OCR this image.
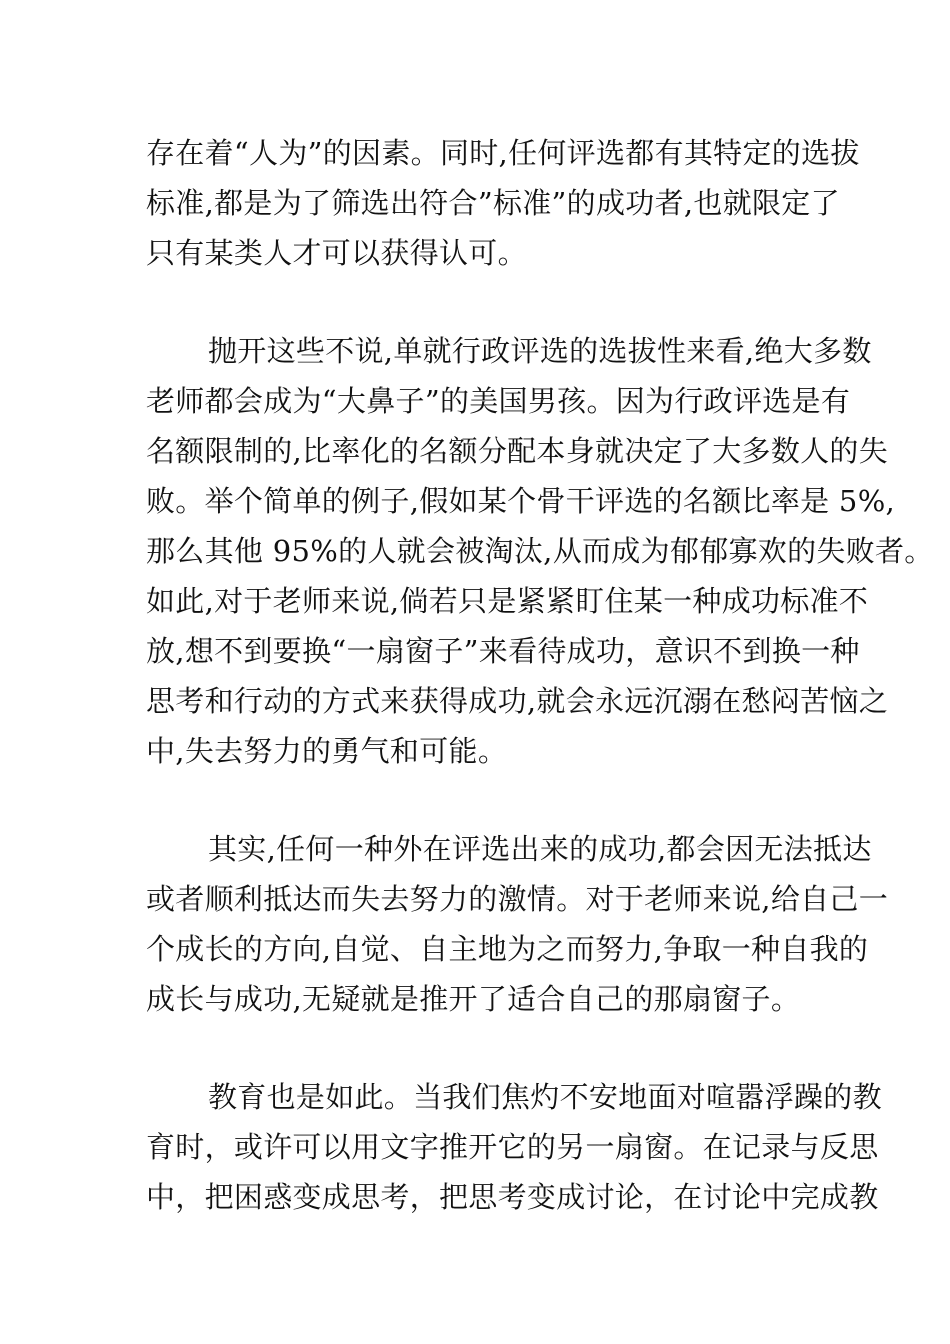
存在着“人为”的因素。同时,任何评选都有其特定的选拔
标准,都是为了筛选出符合”标准”的成功者,也就限定了
只有某类人才可以获得认可。
抛开这些不说,单就行政评选的选拔性来看,绝大多数
老师都会成为“大鼻子”的美国男孩。因为行政评选是有
名额限制的,比率化的名额分配本身就决定了大多数人的失
败。举个简单的例子,假如某个骨干评选的名额比率是 5%,
那么其他 95%的人就会被淘汰,从而成为郁郁寡欢的失败者。
如此,对于老师来说,倘若只是紧紧盯住某一种成功标准不
放,想不到要换“一扇窗子”来看待成功，意识不到换一种
思考和行动的方式来获得成功,就会永远沉溺在愁闷苦恼之
中,失去努力的勇气和可能。
其实,任何一种外在评选出来的成功,都会因无法抵达
或者顺利抵达而失去努力的激情。对于老师来说,给自己一
个成长的方向,自觉、自主地为之而努力,争取一种自我的
成长与成功,无疑就是推开了适合自己的那扇窗子。
教育也是如此。当我们焦灼不安地面对喧嚣浮躁的教
育时，或许可以用文字推开它的另一扇窗。在记录与反思
中，把困惑变成思考，把思考变成讨论，在讨论中完成教
